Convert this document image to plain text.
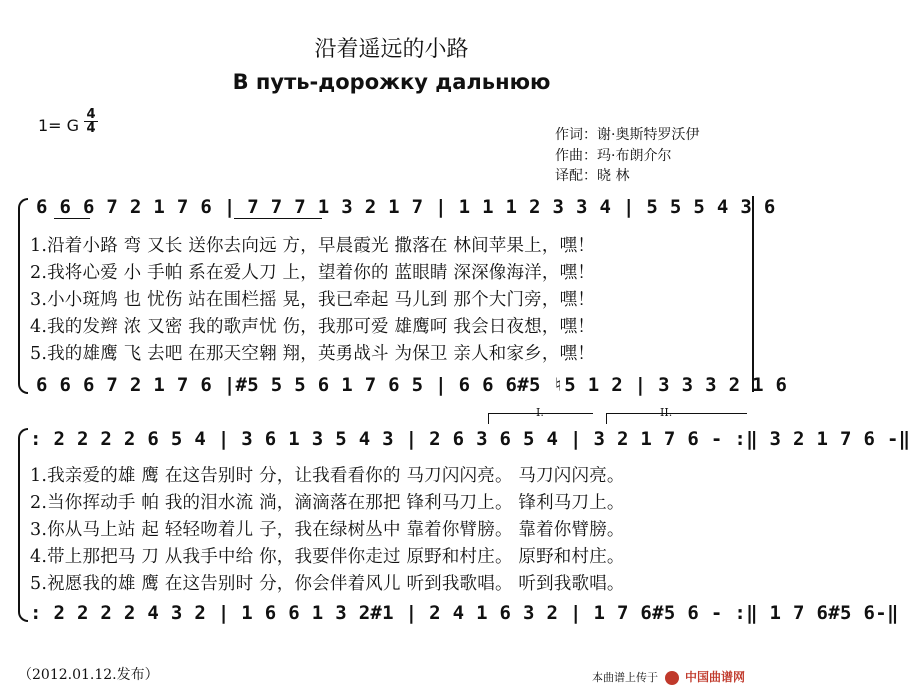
沿着遥远的小路
В путь-дорожку дальнюю
1= G
4
4	作词：谢·奥斯特罗沃伊
作曲：玛·布朗介尔
译配：晓 林
6 6 6 7 2 1 7 6 | 7 7 7 1 3 2 1 7 | 1 1 1 2 3 3 4 | 5 5 5 4 3 6
1.沿着小路 弯 又长 送你去向远 方，早晨霞光 撒落在 林间苹果上，嘿！
2.我将心爱 小 手帕 系在爱人刀 上，望着你的 蓝眼睛 深深像海洋，嘿！
3.小小斑鸠 也 忧伤 站在围栏摇 晃，我已牵起 马儿到 那个大门旁，嘿！
4.我的发辫 浓 又密 我的歌声忧 伤，我那可爱 雄鹰呵 我会日夜想，嘿！
5.我的雄鹰 飞 去吧 在那天空翱 翔，英勇战斗 为保卫 亲人和家乡，嘿！
6 6 6 7 2 1 7 6 |#5 5 5 6 1 7 6 5 | 6 6 6#5 ♮5 1 2 | 3 3 3 2 1 6
I.	II.
: 2 2 2 2 6 5 4 | 3 6 1 3 5 4 3 | 2 6 3 6 5 4 | 3 2 1 7 6 - :‖ 3 2 1 7 6 -‖
1.我亲爱的雄 鹰 在这告别时 分，让我看看你的 马刀闪闪亮。 马刀闪闪亮。
2.当你挥动手 帕 我的泪水流 淌，滴滴落在那把 锋利马刀上。 锋利马刀上。
3.你从马上站 起 轻轻吻着儿 子，我在绿树丛中 靠着你臂膀。 靠着你臂膀。
4.带上那把马 刀 从我手中给 你，我要伴你走过 原野和村庄。 原野和村庄。
5.祝愿我的雄 鹰 在这告别时 分，你会伴着风儿 听到我歌唱。 听到我歌唱。
: 2 2 2 2 4 3 2 | 1 6 6 1 3 2#1 | 2 4 1 6 3 2 | 1 7 6#5 6 - :‖ 1 7 6#5 6-‖
（2012.01.12.发布）	本曲谱上传于 中国曲谱网
